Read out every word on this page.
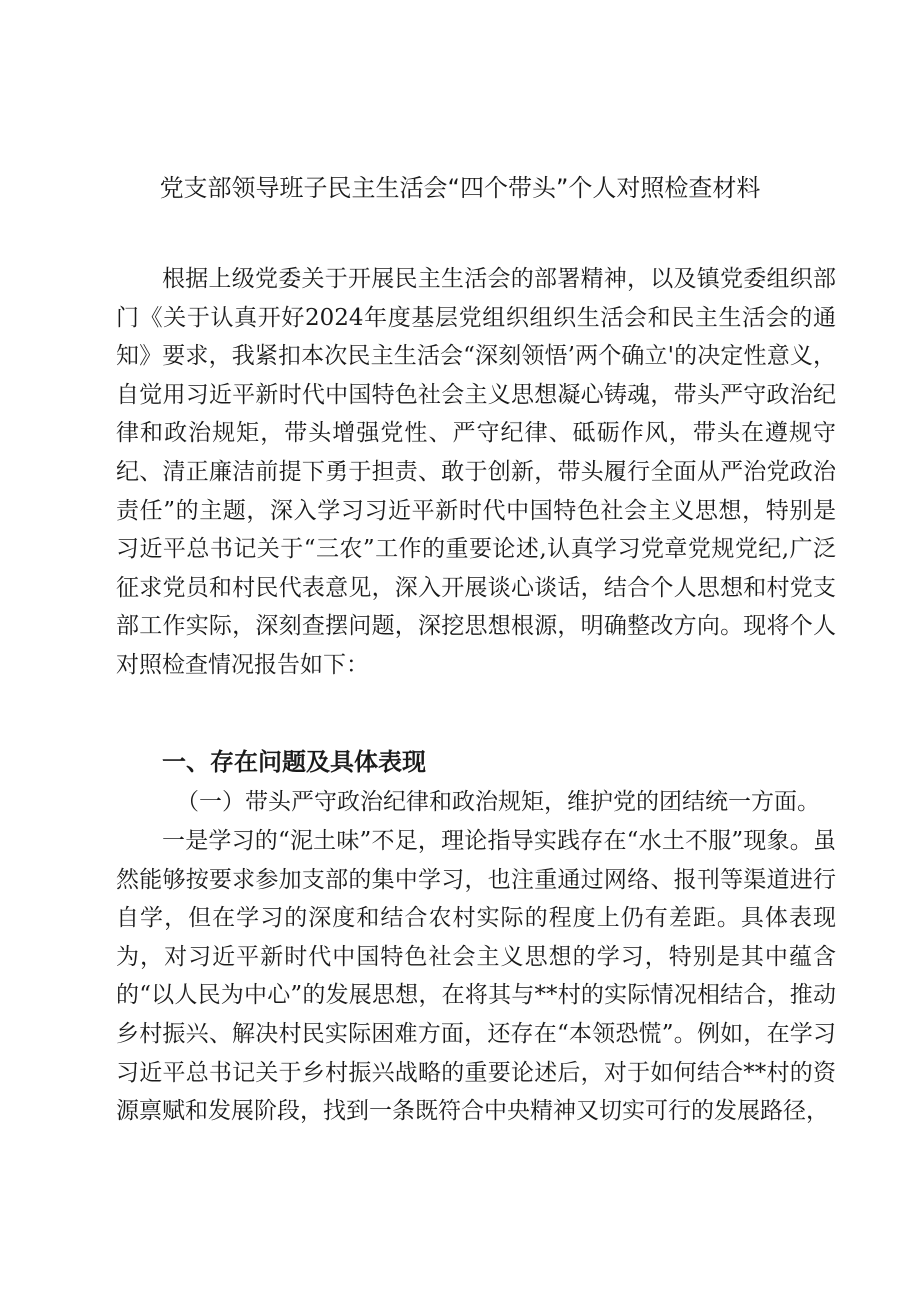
党支部领导班子民主生活会“四个带头”个人对照检查材料

根据上级党委关于开展民主生活会的部署精神，以及镇党委组织部门《关于认真开好2024年度基层党组织组织生活会和民主生活会的通知》要求，我紧扣本次民主生活会“深刻领悟’两个确立'的决定性意义，自觉用习近平新时代中国特色社会主义思想凝心铸魂，带头严守政治纪律和政治规矩，带头增强党性、严守纪律、砥砺作风，带头在遵规守纪、清正廉洁前提下勇于担责、敢于创新，带头履行全面从严治党政治责任”的主题，深入学习习近平新时代中国特色社会主义思想，特别是习近平总书记关于“三农”工作的重要论述,认真学习党章党规党纪,广泛征求党员和村民代表意见，深入开展谈心谈话，结合个人思想和村党支部工作实际，深刻查摆问题，深挖思想根源，明确整改方向。现将个人对照检查情况报告如下：

一、存在问题及具体表现

（一）带头严守政治纪律和政治规矩，维护党的团结统一方面。

一是学习的“泥土味”不足，理论指导实践存在“水土不服”现象。虽然能够按要求参加支部的集中学习，也注重通过网络、报刊等渠道进行自学，但在学习的深度和结合农村实际的程度上仍有差距。具体表现为，对习近平新时代中国特色社会主义思想的学习，特别是其中蕴含的“以人民为中心”的发展思想，在将其与**村的实际情况相结合，推动乡村振兴、解决村民实际困难方面，还存在“本领恐慌”。例如，在学习习近平总书记关于乡村振兴战略的重要论述后，对于如何结合**村的资源禀赋和发展阶段，找到一条既符合中央精神又切实可行的发展路径，
